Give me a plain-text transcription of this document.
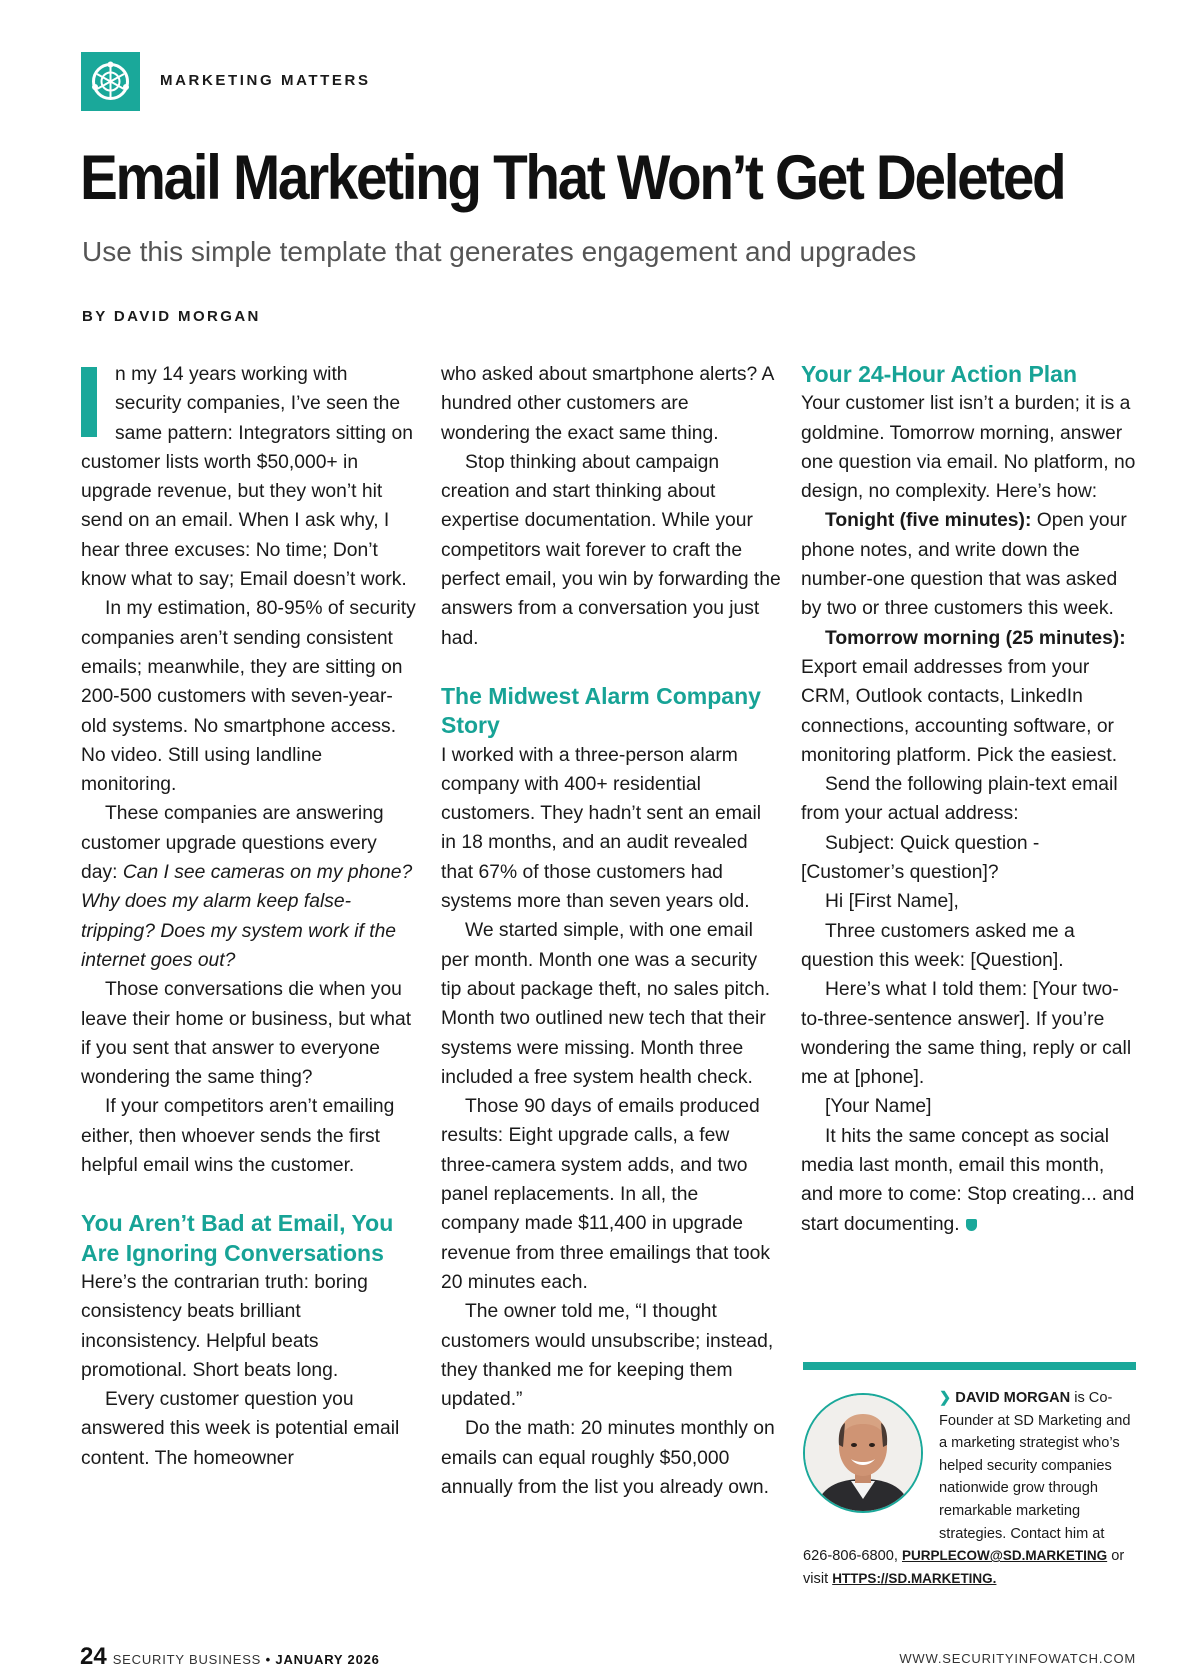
MARKETING MATTERS
Email Marketing That Won’t Get Deleted
Use this simple template that generates engagement and upgrades
BY DAVID MORGAN

n my 14 years working with security companies, I’ve seen the same pattern: Integrators sitting on customer lists worth $50,000+ in upgrade revenue, but they won’t hit send on an email. When I ask why, I hear three excuses: No time; Don’t know what to say; Email doesn’t work.

In my estimation, 80-95% of security companies aren’t sending consistent emails; meanwhile, they are sitting on 200-500 customers with seven-year-old systems. No smartphone access. No video. Still using landline monitoring.

These companies are answering customer upgrade questions every day: Can I see cameras on my phone? Why does my alarm keep false-tripping? Does my system work if the internet goes out?

Those conversations die when you leave their home or business, but what if you sent that answer to everyone wondering the same thing?

If your competitors aren’t emailing either, then whoever sends the first helpful email wins the customer.

You Aren’t Bad at Email, You Are Ignoring Conversations

Here’s the contrarian truth: boring consistency beats brilliant inconsistency. Helpful beats promotional. Short beats long.

Every customer question you answered this week is potential email content. The homeowner

who asked about smartphone alerts? A hundred other customers are wondering the exact same thing.

Stop thinking about campaign creation and start thinking about expertise documentation. While your competitors wait forever to craft the perfect email, you win by forwarding the answers from a conversation you just had.

The Midwest Alarm Company Story

I worked with a three-person alarm company with 400+ residential customers. They hadn’t sent an email in 18 months, and an audit revealed that 67% of those customers had systems more than seven years old.

We started simple, with one email per month. Month one was a security tip about package theft, no sales pitch. Month two outlined new tech that their systems were missing. Month three included a free system health check.

Those 90 days of emails produced results: Eight upgrade calls, a few three-camera system adds, and two panel replacements. In all, the company made $11,400 in upgrade revenue from three emailings that took 20 minutes each.

The owner told me, “I thought customers would unsubscribe; instead, they thanked me for keeping them updated.”

Do the math: 20 minutes monthly on emails can equal roughly $50,000 annually from the list you already own.

Your 24-Hour Action Plan

Your customer list isn’t a burden; it is a goldmine. Tomorrow morning, answer one question via email. No platform, no design, no complexity. Here’s how:

Tonight (five minutes): Open your phone notes, and write down the number-one question that was asked by two or three customers this week.

Tomorrow morning (25 minutes): Export email addresses from your CRM, Outlook contacts, LinkedIn connections, accounting software, or monitoring platform. Pick the easiest.

Send the following plain-text email from your actual address:

Subject: Quick question - [Customer’s question]?

Hi [First Name],

Three customers asked me a question this week: [Question].

Here’s what I told them: [Your two-to-three-sentence answer]. If you’re wondering the same thing, reply or call me at [phone].

[Your Name]

It hits the same concept as social media last month, email this month, and more to come: Stop creating... and start documenting.

❯ DAVID MORGAN is Co-Founder at SD Marketing and a marketing strategist who’s helped security companies nationwide grow through remarkable marketing strategies. Contact him at 626-806-6800, PURPLECOW@SD.MARKETING or visit HTTPS://SD.MARKETING.
24 SECURITY BUSINESS • JANUARY 2026	WWW.SECURITYINFOWATCH.COM
